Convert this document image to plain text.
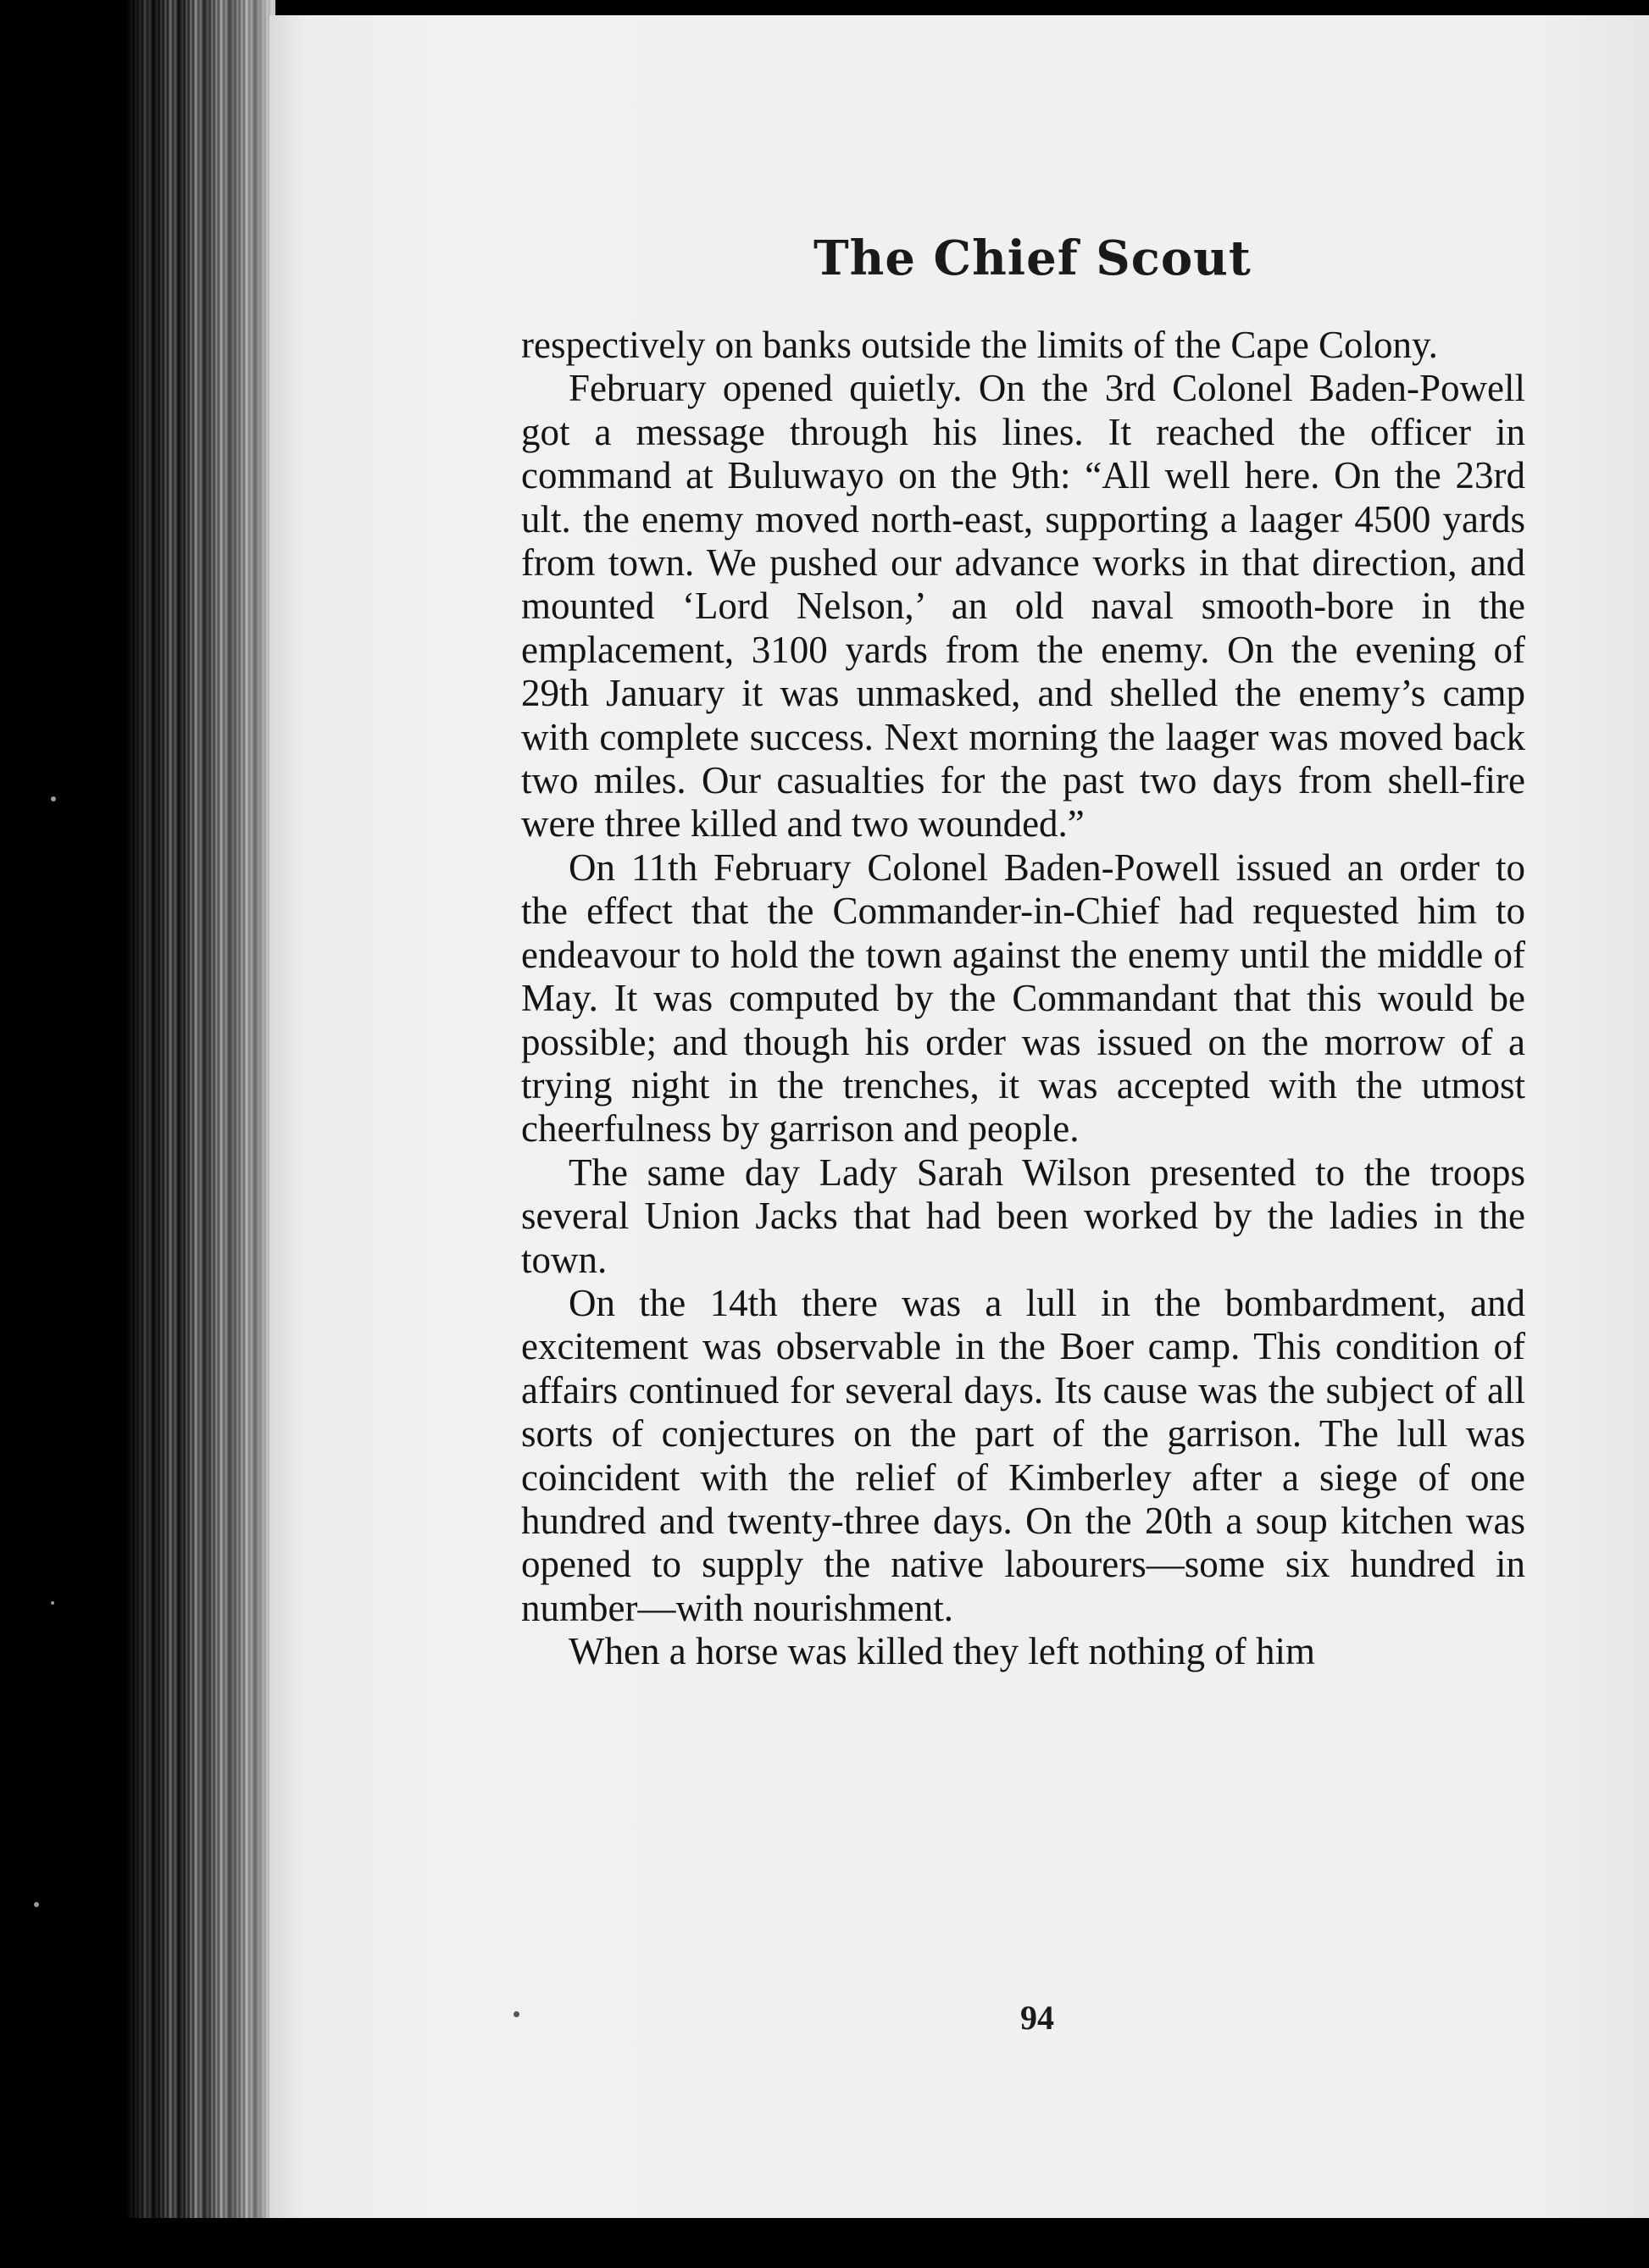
The Chief Scout

respectively on banks outside the limits of the Cape Colony.

February opened quietly. On the 3rd Colonel Baden-Powell got a message through his lines. It reached the officer in command at Buluwayo on the 9th: “All well here. On the 23rd ult. the enemy moved north-east, supporting a laager 4500 yards from town. We pushed our advance works in that direction, and mounted ‘Lord Nelson,’ an old naval smooth-bore in the emplacement, 3100 yards from the enemy. On the evening of 29th January it was unmasked, and shelled the enemy’s camp with complete success. Next morning the laager was moved back two miles. Our casualties for the past two days from shell-fire were three killed and two wounded.”

On 11th February Colonel Baden-Powell issued an order to the effect that the Commander-in-Chief had requested him to endeavour to hold the town against the enemy until the middle of May. It was computed by the Commandant that this would be possible; and though his order was issued on the morrow of a trying night in the trenches, it was accepted with the utmost cheerfulness by garrison and people.

The same day Lady Sarah Wilson presented to the troops several Union Jacks that had been worked by the ladies in the town.

On the 14th there was a lull in the bombardment, and excitement was observable in the Boer camp. This condition of affairs continued for several days. Its cause was the subject of all sorts of conjectures on the part of the garrison. The lull was coincident with the relief of Kimberley after a siege of one hundred and twenty-three days. On the 20th a soup kitchen was opened to supply the native labourers—some six hundred in number—with nourishment.

When a horse was killed they left nothing of him

94
